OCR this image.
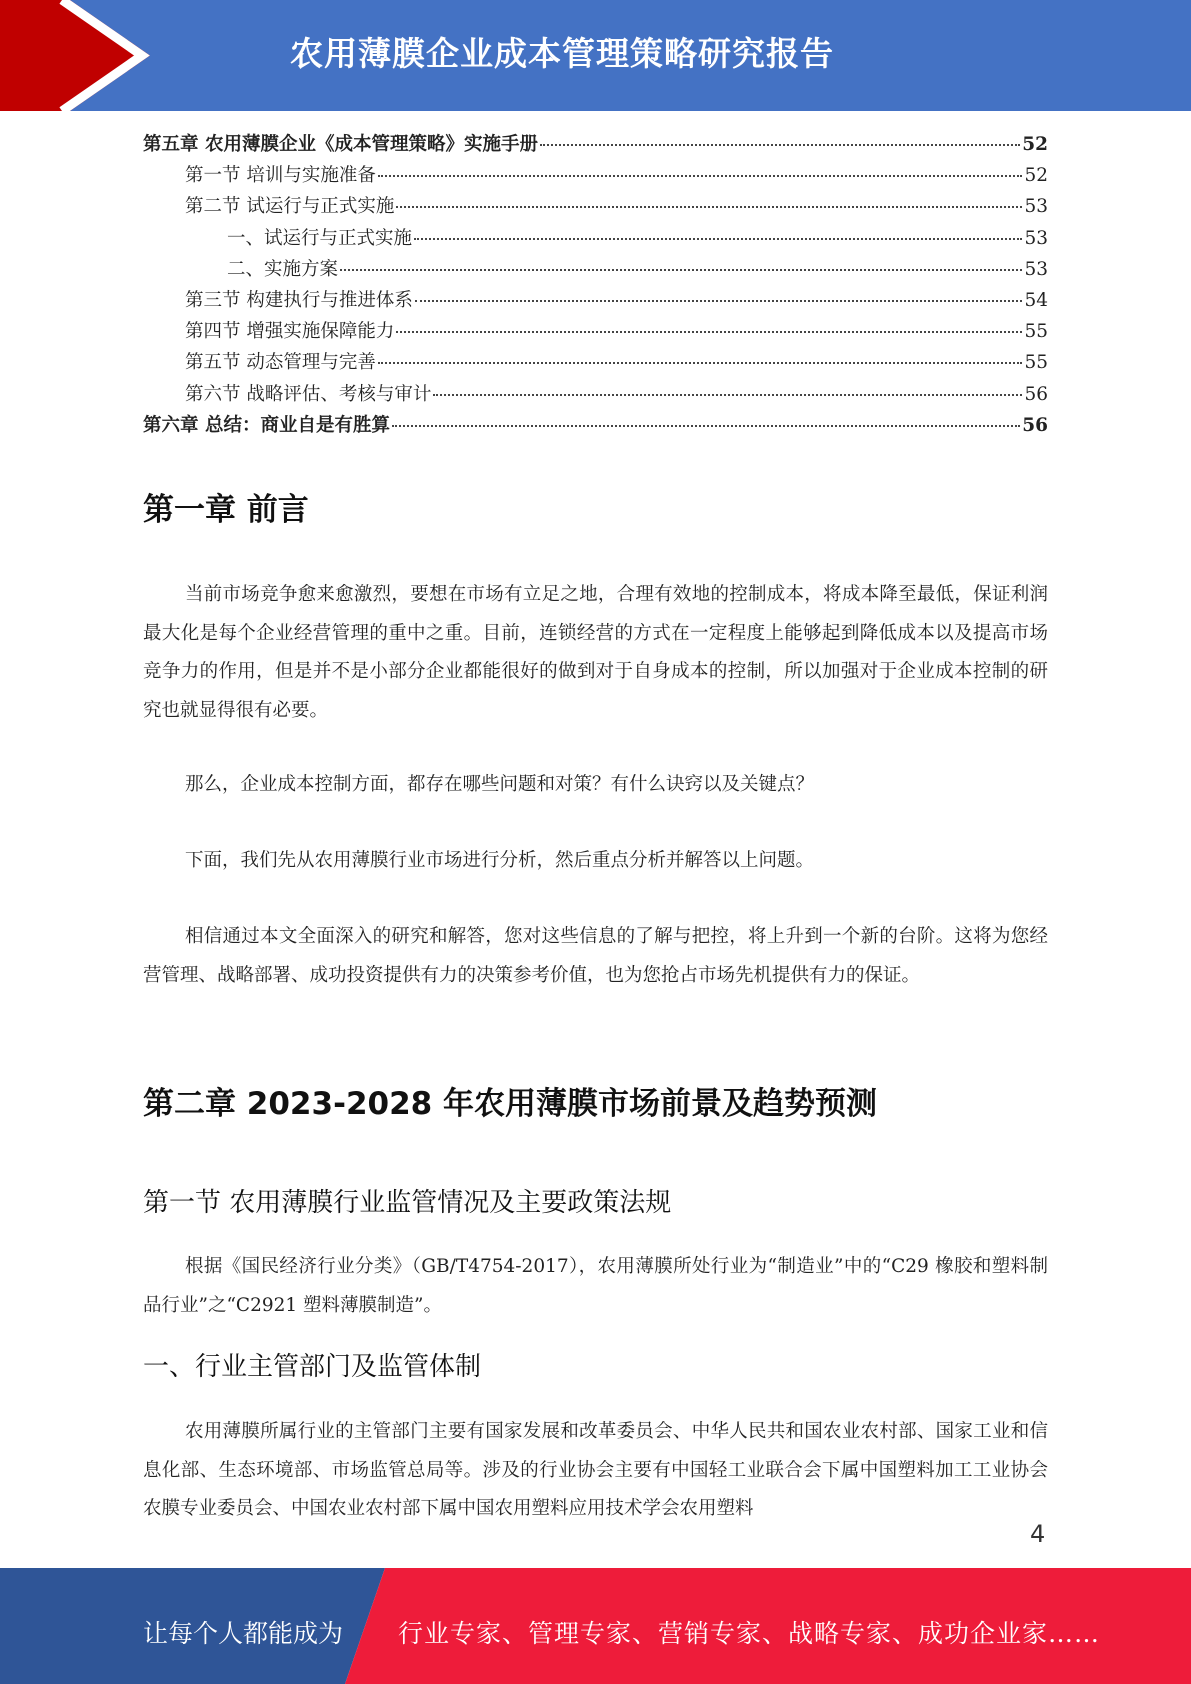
农用薄膜企业成本管理策略研究报告
第五章 农用薄膜企业《成本管理策略》实施手册	52
第一节 培训与实施准备	52
第二节 试运行与正式实施	53
一、试运行与正式实施	53
二、实施方案	53
第三节 构建执行与推进体系	54
第四节 增强实施保障能力	55
第五节 动态管理与完善	55
第六节 战略评估、考核与审计	56
第六章 总结：商业自是有胜算	56
第一章 前言

当前市场竞争愈来愈激烈，要想在市场有立足之地，合理有效地的控制成本，将成本降至最低，保证利润最大化是每个企业经营管理的重中之重。目前，连锁经营的方式在一定程度上能够起到降低成本以及提高市场竞争力的作用，但是并不是小部分企业都能很好的做到对于自身成本的控制，所以加强对于企业成本控制的研究也就显得很有必要。

那么，企业成本控制方面，都存在哪些问题和对策？有什么诀窍以及关键点？

下面，我们先从农用薄膜行业市场进行分析，然后重点分析并解答以上问题。

相信通过本文全面深入的研究和解答，您对这些信息的了解与把控，将上升到一个新的台阶。这将为您经营管理、战略部署、成功投资提供有力的决策参考价值，也为您抢占市场先机提供有力的保证。

第二章 2023-2028 年农用薄膜市场前景及趋势预测
第一节 农用薄膜行业监管情况及主要政策法规

根据《国民经济行业分类》（GB/T4754-2017），农用薄膜所处行业为“制造业”中的“C29 橡胶和塑料制品行业”之“C2921 塑料薄膜制造”。

一、行业主管部门及监管体制

农用薄膜所属行业的主管部门主要有国家发展和改革委员会、中华人民共和国农业农村部、国家工业和信息化部、生态环境部、市场监管总局等。涉及的行业协会主要有中国轻工业联合会下属中国塑料加工工业协会农膜专业委员会、中国农业农村部下属中国农用塑料应用技术学会农用塑料

4
让每个人都能成为 行业专家、管理专家、营销专家、战略专家、成功企业家……
